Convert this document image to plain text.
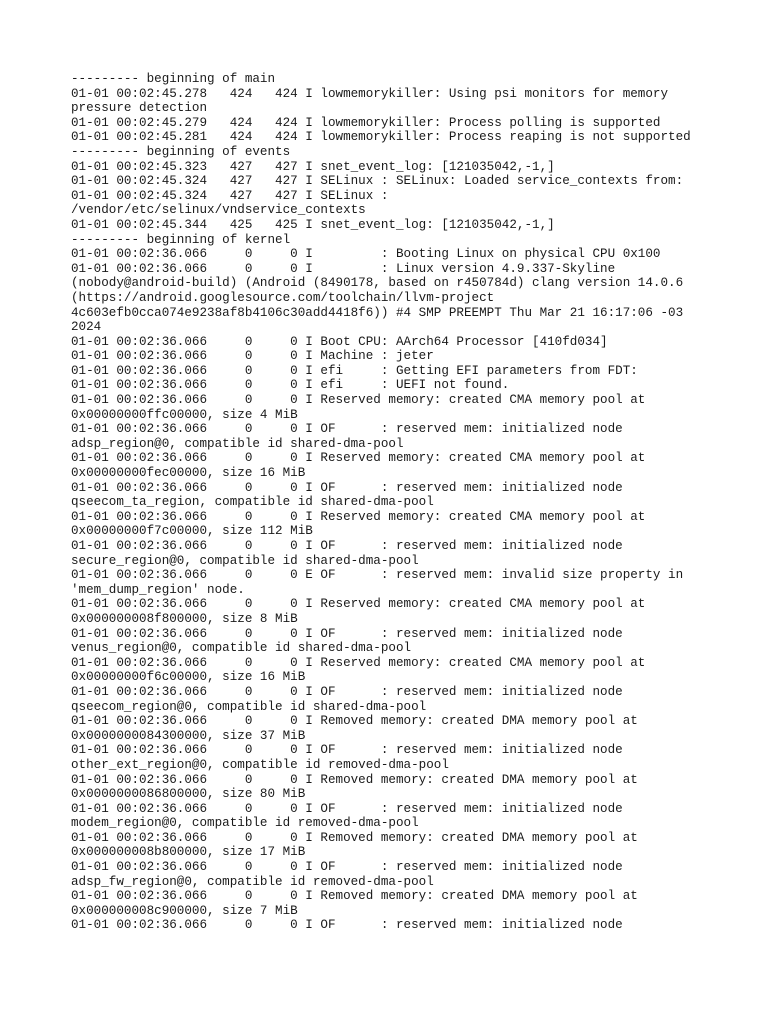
--------- beginning of main
01-01 00:02:45.278   424   424 I lowmemorykiller: Using psi monitors for memory
pressure detection
01-01 00:02:45.279   424   424 I lowmemorykiller: Process polling is supported
01-01 00:02:45.281   424   424 I lowmemorykiller: Process reaping is not supported
--------- beginning of events
01-01 00:02:45.323   427   427 I snet_event_log: [121035042,-1,]
01-01 00:02:45.324   427   427 I SELinux : SELinux: Loaded service_contexts from:
01-01 00:02:45.324   427   427 I SELinux :
/vendor/etc/selinux/vndservice_contexts
01-01 00:02:45.344   425   425 I snet_event_log: [121035042,-1,]
--------- beginning of kernel
01-01 00:02:36.066     0     0 I         : Booting Linux on physical CPU 0x100
01-01 00:02:36.066     0     0 I         : Linux version 4.9.337-Skyline
(nobody@android-build) (Android (8490178, based on r450784d) clang version 14.0.6
(https://android.googlesource.com/toolchain/llvm-project
4c603efb0cca074e9238af8b4106c30add4418f6)) #4 SMP PREEMPT Thu Mar 21 16:17:06 -03
2024
01-01 00:02:36.066     0     0 I Boot CPU: AArch64 Processor [410fd034]
01-01 00:02:36.066     0     0 I Machine : jeter
01-01 00:02:36.066     0     0 I efi     : Getting EFI parameters from FDT:
01-01 00:02:36.066     0     0 I efi     : UEFI not found.
01-01 00:02:36.066     0     0 I Reserved memory: created CMA memory pool at
0x00000000ffc00000, size 4 MiB
01-01 00:02:36.066     0     0 I OF      : reserved mem: initialized node
adsp_region@0, compatible id shared-dma-pool
01-01 00:02:36.066     0     0 I Reserved memory: created CMA memory pool at
0x00000000fec00000, size 16 MiB
01-01 00:02:36.066     0     0 I OF      : reserved mem: initialized node
qseecom_ta_region, compatible id shared-dma-pool
01-01 00:02:36.066     0     0 I Reserved memory: created CMA memory pool at
0x00000000f7c00000, size 112 MiB
01-01 00:02:36.066     0     0 I OF      : reserved mem: initialized node
secure_region@0, compatible id shared-dma-pool
01-01 00:02:36.066     0     0 E OF      : reserved mem: invalid size property in
'mem_dump_region' node.
01-01 00:02:36.066     0     0 I Reserved memory: created CMA memory pool at
0x000000008f800000, size 8 MiB
01-01 00:02:36.066     0     0 I OF      : reserved mem: initialized node
venus_region@0, compatible id shared-dma-pool
01-01 00:02:36.066     0     0 I Reserved memory: created CMA memory pool at
0x00000000f6c00000, size 16 MiB
01-01 00:02:36.066     0     0 I OF      : reserved mem: initialized node
qseecom_region@0, compatible id shared-dma-pool
01-01 00:02:36.066     0     0 I Removed memory: created DMA memory pool at
0x0000000084300000, size 37 MiB
01-01 00:02:36.066     0     0 I OF      : reserved mem: initialized node
other_ext_region@0, compatible id removed-dma-pool
01-01 00:02:36.066     0     0 I Removed memory: created DMA memory pool at
0x0000000086800000, size 80 MiB
01-01 00:02:36.066     0     0 I OF      : reserved mem: initialized node
modem_region@0, compatible id removed-dma-pool
01-01 00:02:36.066     0     0 I Removed memory: created DMA memory pool at
0x000000008b800000, size 17 MiB
01-01 00:02:36.066     0     0 I OF      : reserved mem: initialized node
adsp_fw_region@0, compatible id removed-dma-pool
01-01 00:02:36.066     0     0 I Removed memory: created DMA memory pool at
0x000000008c900000, size 7 MiB
01-01 00:02:36.066     0     0 I OF      : reserved mem: initialized node
